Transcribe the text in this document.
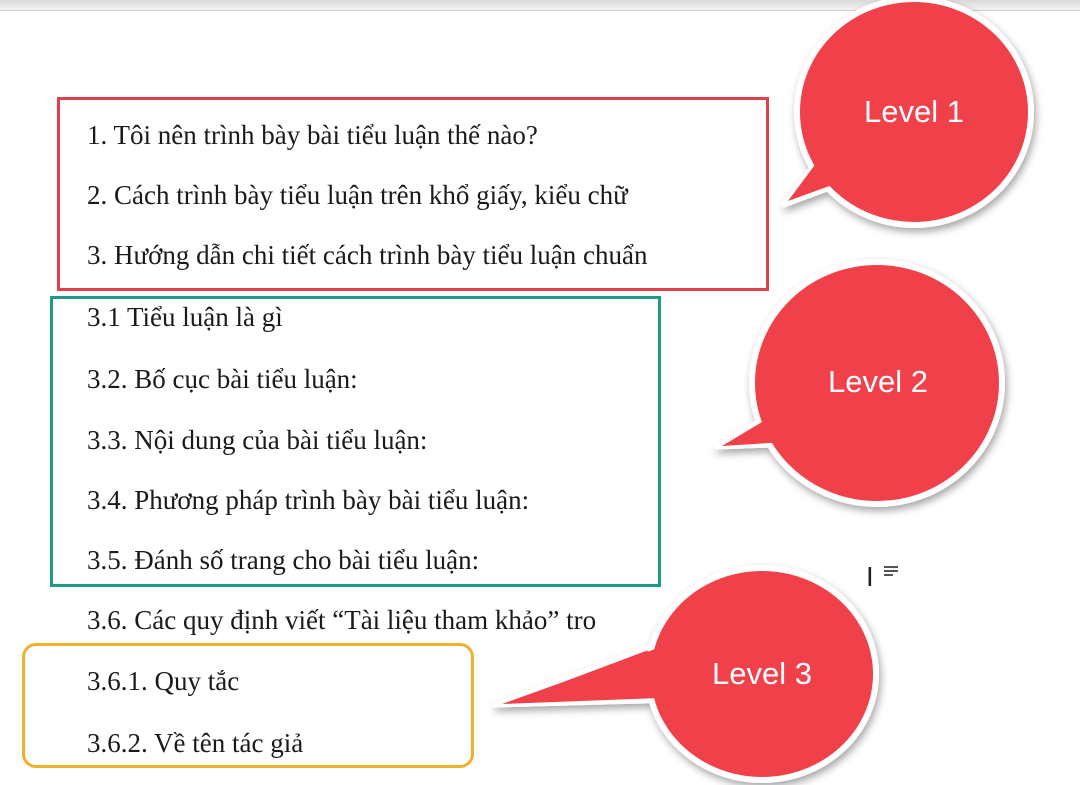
1. Tôi nên trình bày bài tiểu luận thế nào?
2. Cách trình bày tiểu luận trên khổ giấy, kiểu chữ
3. Hướng dẫn chi tiết cách trình bày tiểu luận chuẩn
3.1 Tiểu luận là gì
3.2. Bố cục bài tiểu luận:
3.3. Nội dung của bài tiểu luận:
3.4. Phương pháp trình bày bài tiểu luận:
3.5. Đánh số trang cho bài tiểu luận:
3.6. Các quy định viết “Tài liệu tham khảo” tro
3.6.1. Quy tắc
3.6.2. Về tên tác giả
Level 1
Level 2
Level 3
I
